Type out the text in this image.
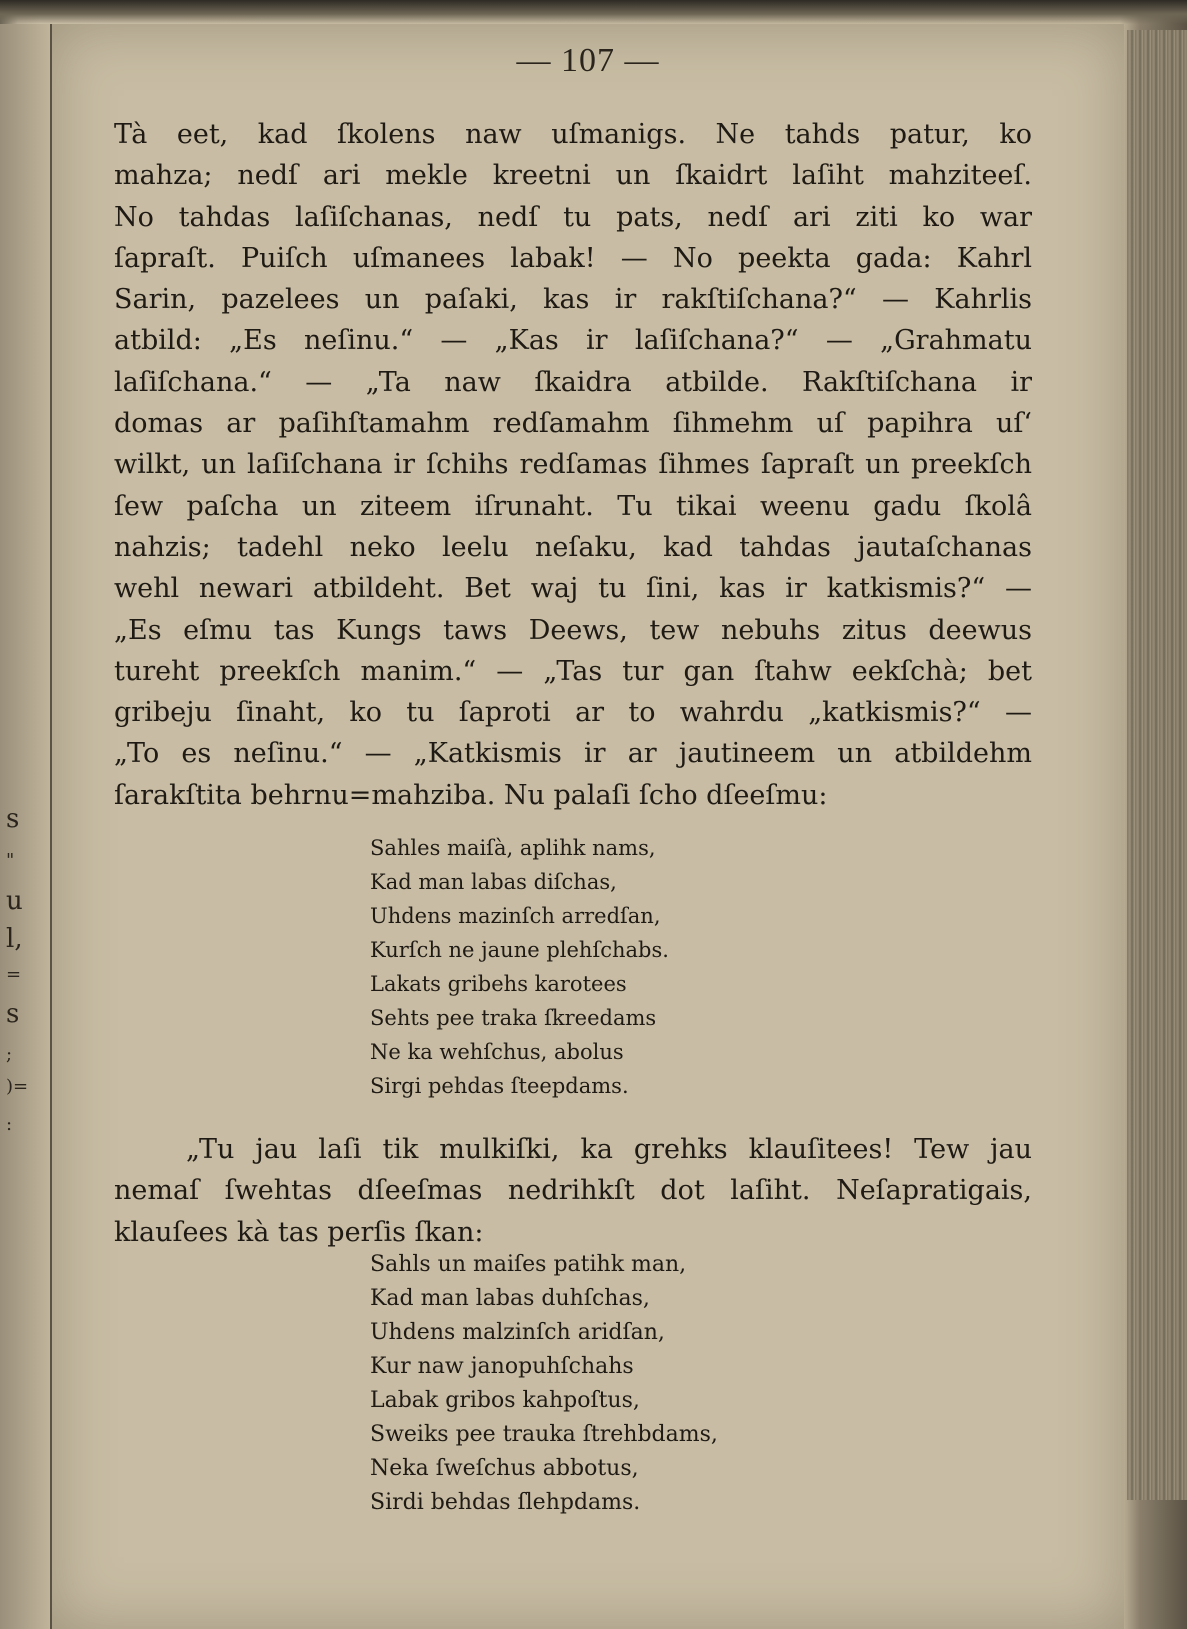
s
"
u
l,
=
s
;
)=
:
— 107 —
Tà eet, kad ſkolens naw uſmanigs. Ne tahds patur, ko
mahza; nedſ ari mekle kreetni un ſkaidrt laſiht mahziteeſ.
No tahdas laſiſchanas, nedſ tu pats, nedſ ari ziti ko war
ſapraſt. Puiſch uſmanees labak! — No peekta gada: Kahrl
Sarin, pazelees un paſaki, kas ir rakſtiſchana?“ — Kahrlis
atbild: „Es neſinu.“ — „Kas ir laſiſchana?“ — „Grahmatu
laſiſchana.“ — „Ta naw ſkaidra atbilde. Rakſtiſchana ir
domas ar paſihſtamahm redſamahm ſihmehm uſ papihra uſ‘
wilkt, un laſiſchana ir ſchihs redſamas ſihmes ſapraſt un preekſch
ſew paſcha un ziteem iſrunaht. Tu tikai weenu gadu ſkolâ
nahzis; tadehl neko leelu neſaku, kad tahdas jautaſchanas
wehl newari atbildeht. Bet waj tu ſini, kas ir katkismis?“ —
„Es eſmu tas Kungs taws Deews, tew nebuhs zitus deewus
tureht preekſch manim.“ — „Tas tur gan ſtahw eekſchà; bet
gribeju ſinaht, ko tu ſaproti ar to wahrdu „katkismis?“ —
„To es neſinu.“ — „Katkismis ir ar jautineem un atbildehm
ſarakſtita behrnu=mahziba. Nu palaſi ſcho dſeeſmu:
Sahles maiſà, aplihk nams,
Kad man labas diſchas,
Uhdens mazinſch arredſan,
Kurſch ne jaune plehſchabs.
Lakats gribehs karotees
Sehts pee traka ſkreedams
Ne ka wehſchus, abolus
Sirgi pehdas ſteepdams.
„Tu jau laſi tik mulkiſki, ka grehks klauſitees! Tew jau
nemaſ ſwehtas dſeeſmas nedrihkſt dot laſiht. Neſapratigais,
klauſees kà tas perſis ſkan:
Sahls un maiſes patihk man,
Kad man labas duhſchas,
Uhdens malzinſch aridſan,
Kur naw janopuhſchahs
Labak gribos kahpoſtus,
Sweiks pee trauka ſtrehbdams,
Neka ſweſchus abbotus,
Sirdi behdas ſlehpdams.
